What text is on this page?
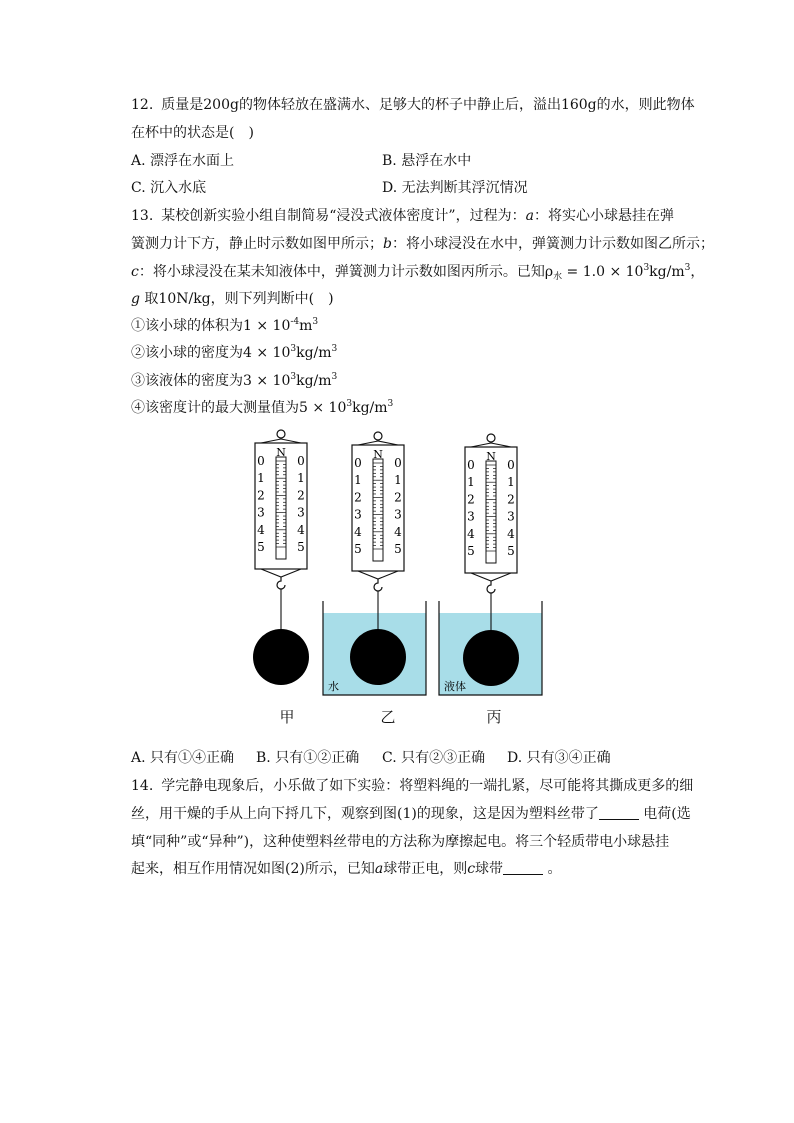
12. 质量是200g的物体轻放在盛满水、足够大的杯子中静止后，溢出160g的水，则此物体
在杯中的状态是(　)
A. 漂浮在水面上	B. 悬浮在水中
C. 沉入水底	D. 无法判断其浮沉情况
13. 某校创新实验小组自制简易“浸没式液体密度计”，过程为：a：将实心小球悬挂在弹
簧测力计下方，静止时示数如图甲所示；b：将小球浸没在水中，弹簧测力计示数如图乙所示；
c：将小球浸没在某未知液体中，弹簧测力计示数如图丙所示。已知$\rho_水 = 1.0 \times 10^3kg/m^3$，
g 取10N/kg，则下列判断中(　)
①该小球的体积为$1 \times 10^{-4}m^3$
②该小球的密度为$4 \times 10^3kg/m^3$
③该液体的密度为$3 \times 10^3kg/m^3$
④该密度计的最大测量值为$5 \times 10^3kg/m^3$
水	液体
N
0	0
1	1
2	2
3	3
4	4
5	5
N
0	0
1	1
2	2
3	3
4	4
5	5
N
0	0
1	1
2	2
3	3
4	4
5	5
甲	乙	丙
A. 只有①④正确 B. 只有①②正确 C. 只有②③正确 D. 只有③④正确
14. 学完静电现象后，小乐做了如下实验：将塑料绳的一端扎紧，尽可能将其撕成更多的细
丝，用干燥的手从上向下捋几下，观察到图(1)的现象，这是因为塑料丝带了	电荷(选
填“同种”或“异种”)，这种使塑料丝带电的方法称为摩擦起电。将三个轻质带电小球悬挂
起来，相互作用情况如图(2)所示，已知a球带正电，则c球带	。
